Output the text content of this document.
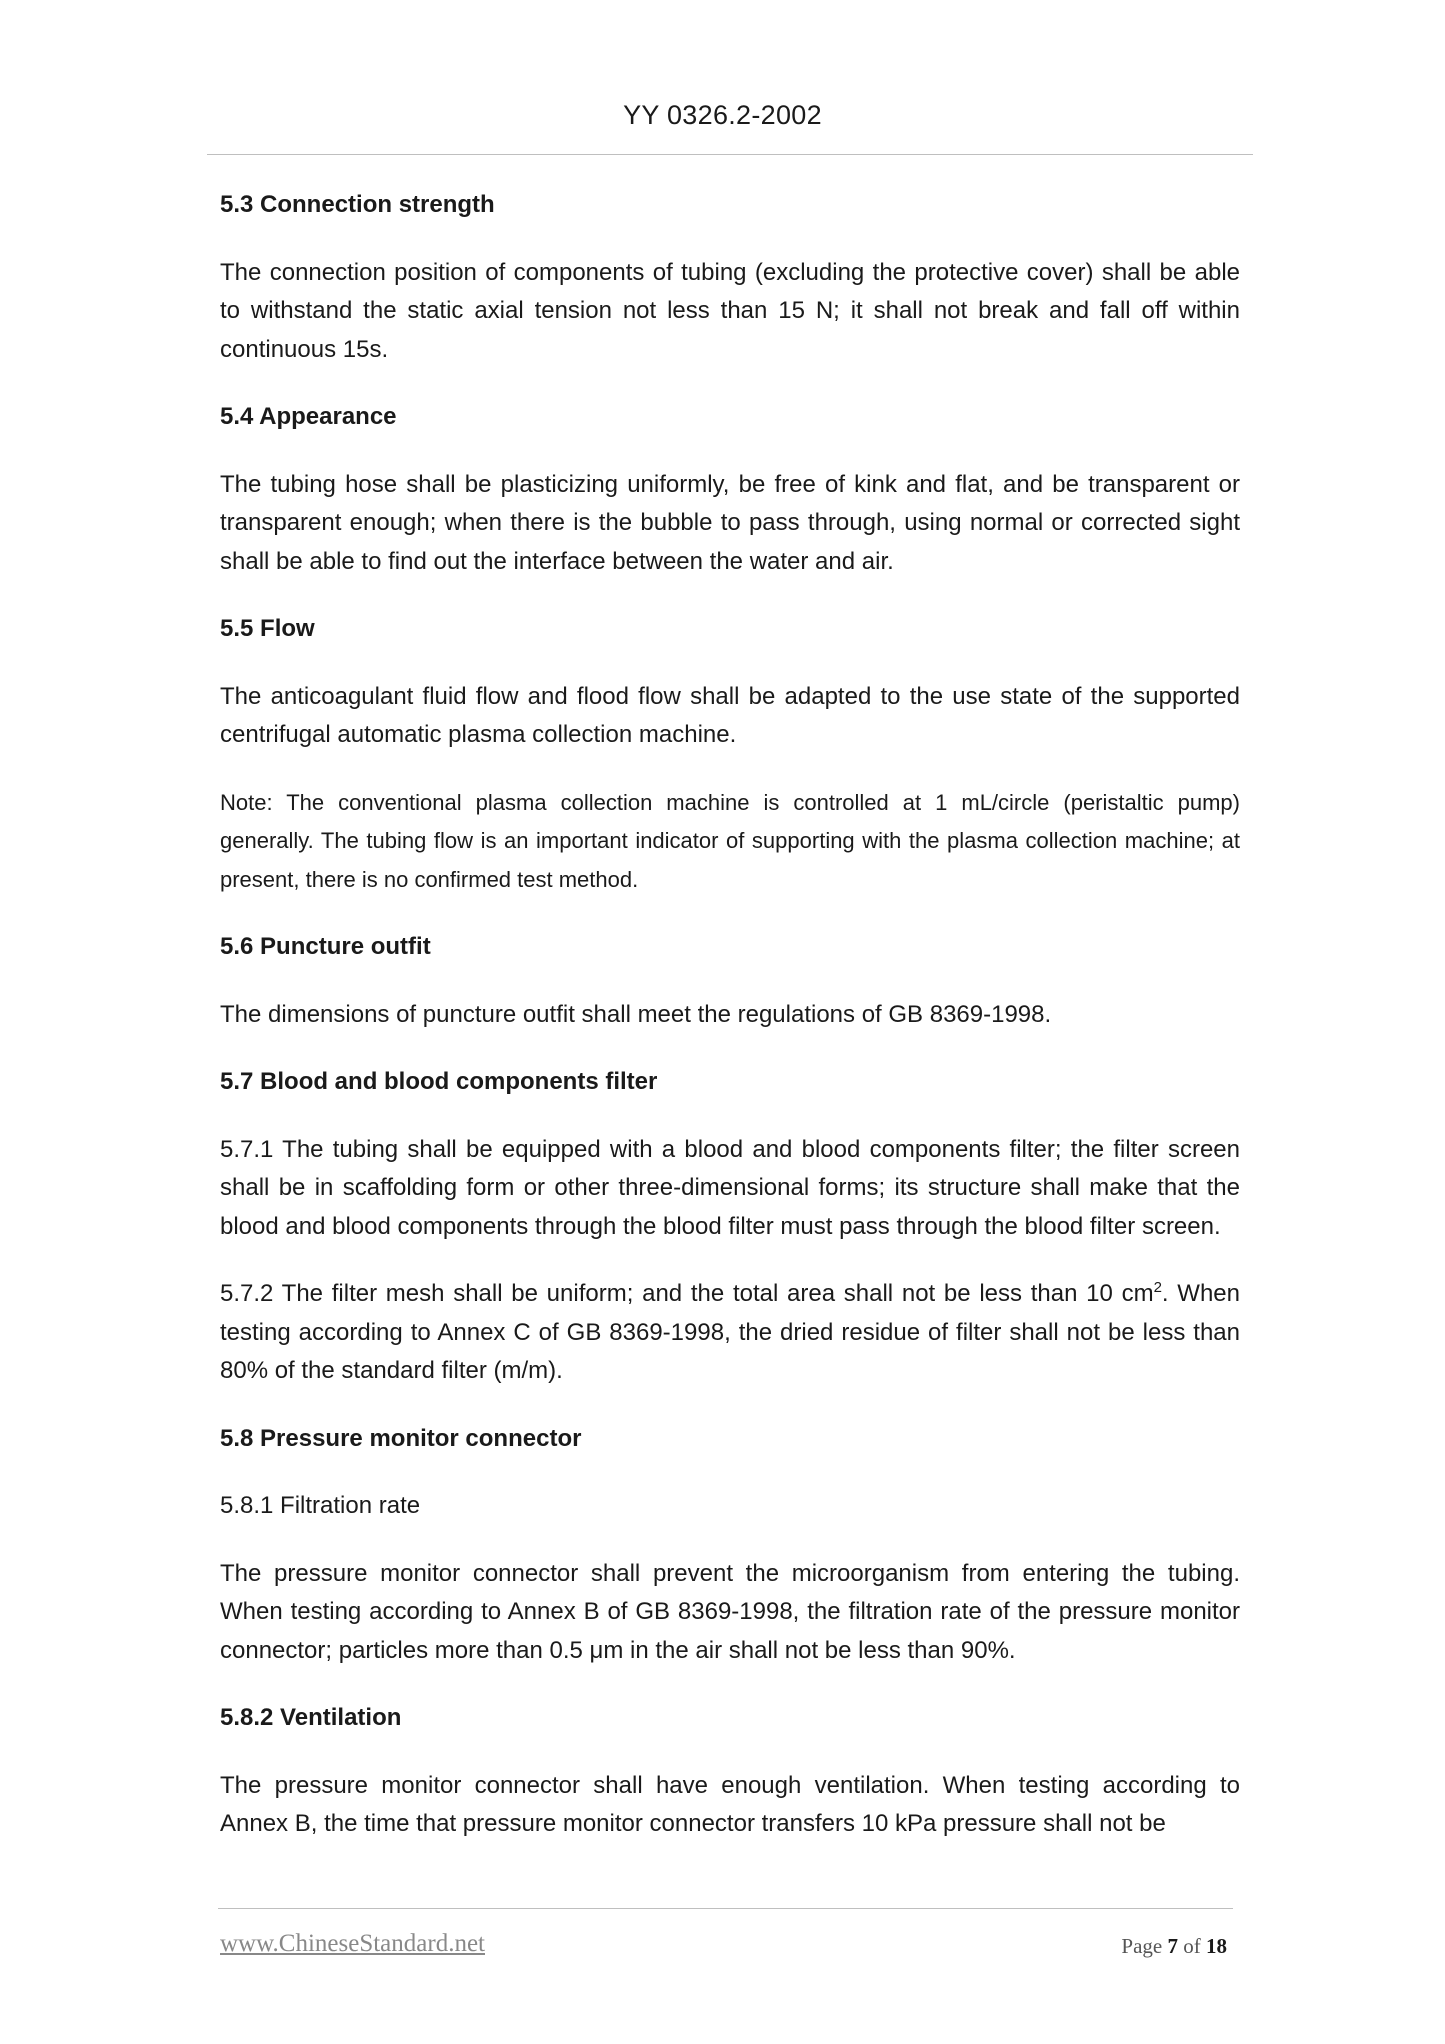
YY 0326.2-2002
5.3 Connection strength

The connection position of components of tubing (excluding the protective cover) shall be able to withstand the static axial tension not less than 15 N; it shall not break and fall off within continuous 15s.

5.4 Appearance

The tubing hose shall be plasticizing uniformly, be free of kink and flat, and be transparent or transparent enough; when there is the bubble to pass through, using normal or corrected sight shall be able to find out the interface between the water and air.

5.5 Flow

The anticoagulant fluid flow and flood flow shall be adapted to the use state of the supported centrifugal automatic plasma collection machine.

Note: The conventional plasma collection machine is controlled at 1 mL/circle (peristaltic pump) generally. The tubing flow is an important indicator of supporting with the plasma collection machine; at present, there is no confirmed test method.

5.6 Puncture outfit

The dimensions of puncture outfit shall meet the regulations of GB 8369-1998.

5.7 Blood and blood components filter

5.7.1 The tubing shall be equipped with a blood and blood components filter; the filter screen shall be in scaffolding form or other three-dimensional forms; its structure shall make that the blood and blood components through the blood filter must pass through the blood filter screen.

5.7.2 The filter mesh shall be uniform; and the total area shall not be less than 10 $cm^2$. When testing according to Annex C of GB 8369-1998, the dried residue of filter shall not be less than 80% of the standard filter (m/m).

5.8 Pressure monitor connector

5.8.1 Filtration rate

The pressure monitor connector shall prevent the microorganism from entering the tubing. When testing according to Annex B of GB 8369-1998, the filtration rate of the pressure monitor connector; particles more than 0.5 μm in the air shall not be less than 90%.

5.8.2 Ventilation

The pressure monitor connector shall have enough ventilation. When testing according to Annex B, the time that pressure monitor connector transfers 10 kPa pressure shall not be

www.ChineseStandard.net	Page 7 of 18
